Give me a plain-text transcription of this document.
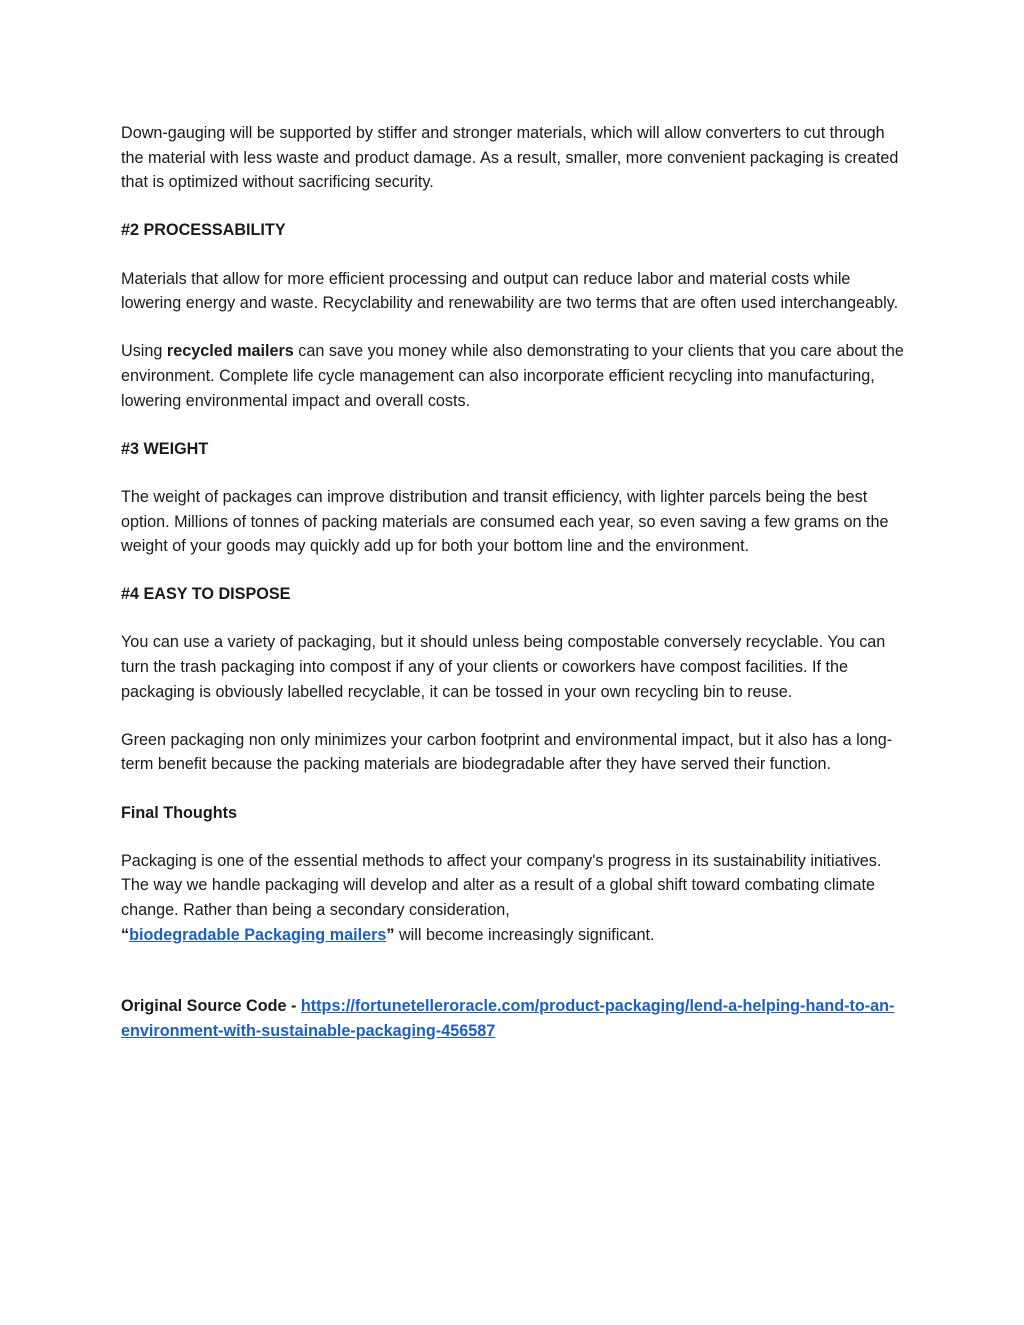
Down-gauging will be supported by stiffer and stronger materials, which will allow converters to cut through the material with less waste and product damage. As a result, smaller, more convenient packaging is created that is optimized without sacrificing security.

#2 PROCESSABILITY

Materials that allow for more efficient processing and output can reduce labor and material costs while lowering energy and waste. Recyclability and renewability are two terms that are often used interchangeably.

Using recycled mailers can save you money while also demonstrating to your clients that you care about the environment. Complete life cycle management can also incorporate efficient recycling into manufacturing, lowering environmental impact and overall costs.

#3 WEIGHT

The weight of packages can improve distribution and transit efficiency, with lighter parcels being the best option. Millions of tonnes of packing materials are consumed each year, so even saving a few grams on the weight of your goods may quickly add up for both your bottom line and the environment.

#4 EASY TO DISPOSE

You can use a variety of packaging, but it should unless being compostable conversely recyclable. You can turn the trash packaging into compost if any of your clients or coworkers have compost facilities. If the packaging is obviously labelled recyclable, it can be tossed in your own recycling bin to reuse.

Green packaging non only minimizes your carbon footprint and environmental impact, but it also has a long-term benefit because the packing materials are biodegradable after they have served their function.

Final Thoughts

Packaging is one of the essential methods to affect your company's progress in its sustainability initiatives. The way we handle packaging will develop and alter as a result of a global shift toward combating climate change. Rather than being a secondary consideration,
“biodegradable Packaging mailers” will become increasingly significant.

Original Source Code - https://fortunetelleroracle.com/product-packaging/lend-a-helping-hand-to-an-environment-with-sustainable-packaging-456587
